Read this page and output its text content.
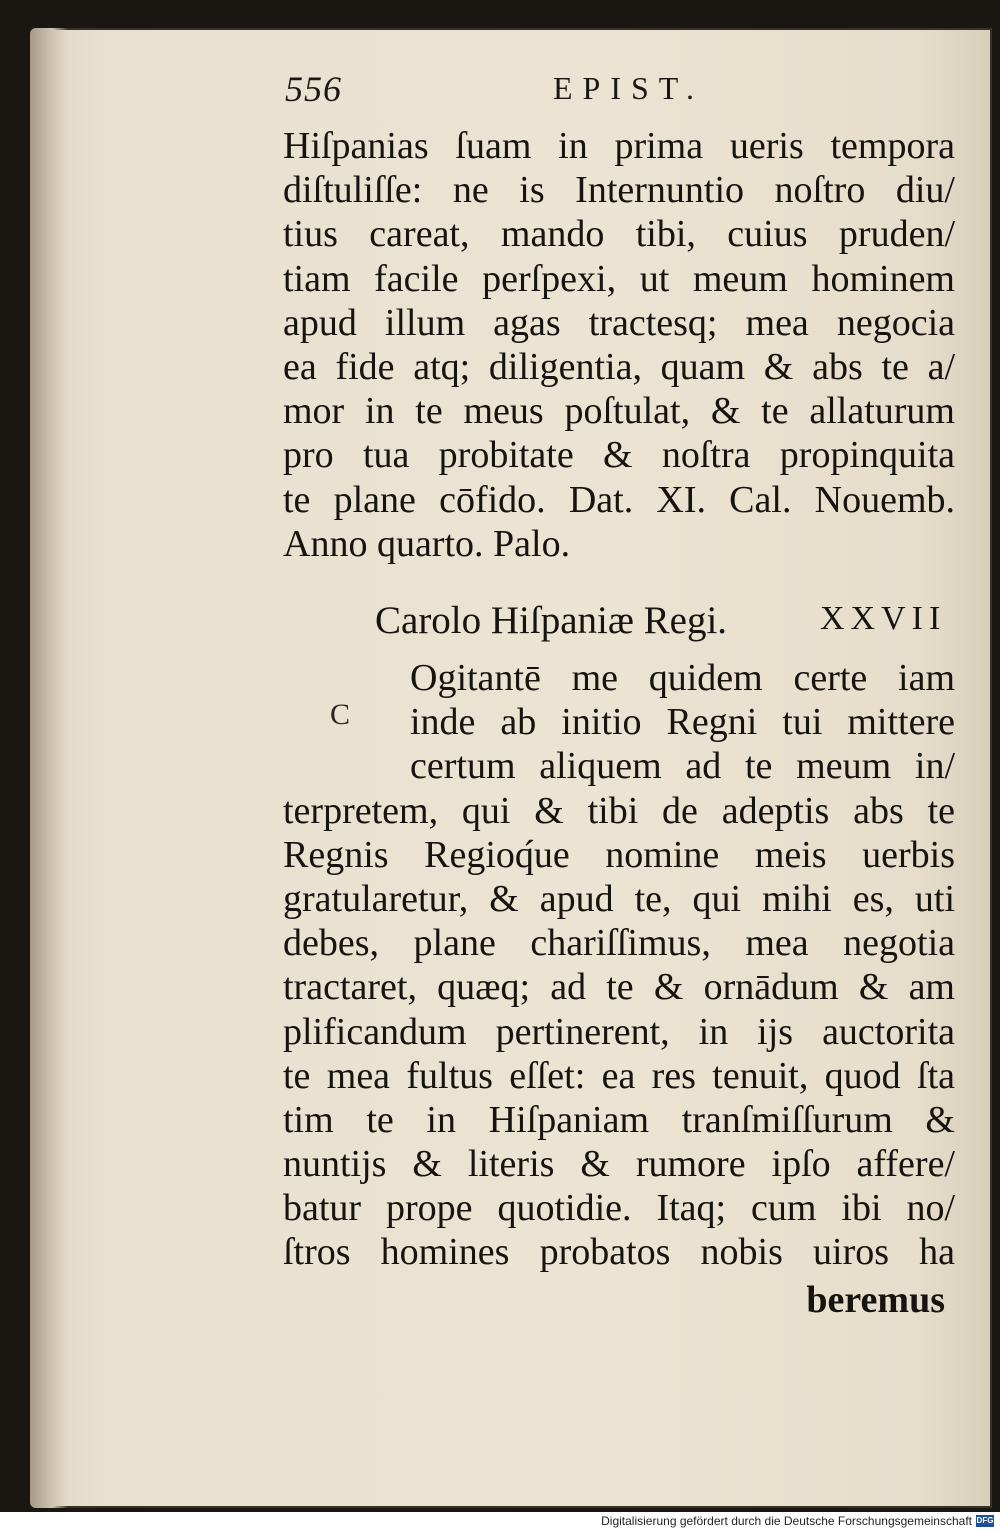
556	EPIST.
Hiſpanias ſuam in prima ueris tempora
diſtuliſſe: ne is Internuntio noſtro diu/
tius careat, mando tibi, cuius pruden/
tiam facile perſpexi, ut meum hominem
apud illum agas tractesq; mea negocia
ea fide atq; diligentia, quam & abs te a/
mor in te meus poſtulat, & te allaturum
pro tua probitate & noſtra propinquita
te plane cōfido. Dat. XI. Cal. Nouemb.
Anno quarto. Palo.
Carolo Hiſpaniæ Regi.	XXVII
C
Ogitantē me quidem certe iam
inde ab initio Regni tui mittere
certum aliquem ad te meum in/
terpretem, qui & tibi de adeptis abs te
Regnis Regioq́ue nomine meis uerbis
gratularetur, & apud te, qui mihi es, uti
debes, plane chariſſimus, mea negotia
tractaret, quæq; ad te & ornādum & am
plificandum pertinerent, in ijs auctorita
te mea fultus eſſet: ea res tenuit, quod ſta
tim te in Hiſpaniam tranſmiſſurum &
nuntijs & literis & rumore ipſo affere/
batur prope quotidie. Itaq; cum ibi no/
ſtros homines probatos nobis uiros ha
beremus
Digitalisierung gefördert durch die Deutsche Forschungsgemeinschaft DFG
